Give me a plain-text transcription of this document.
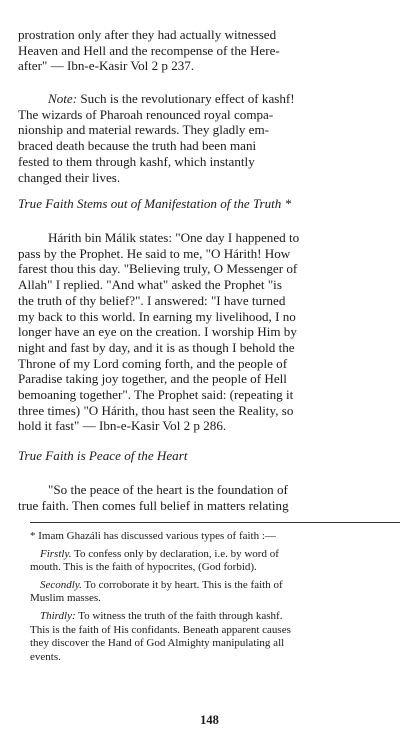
prostration only after they had actually witnessed
Heaven and Hell and the recompense of the Here-
after" — Ibn-e-Kasir Vol 2 p 237.
Note: Such is the revolutionary effect of kashf!
The wizards of Pharoah renounced royal compa-
nionship and material rewards. They gladly em-
braced death because the truth had been mani
fested to them through kashf, which instantly
changed their lives.

True Faith Stems out of Manifestation of the Truth *

Hárith bin Málik states: "One day I happened to
pass by the Prophet. He said to me, "O Hárith! How
farest thou this day. "Believing truly, O Messenger of
Allah" I replied. "And what" asked the Prophet "is
the truth of thy belief?". I answered: "I have turned
my back to this world. In earning my livelihood, I no
longer have an eye on the creation. I worship Him by
night and fast by day, and it is as though I behold the
Throne of my Lord coming forth, and the people of
Paradise taking joy together, and the people of Hell
bemoaning together". The Prophet said: (repeating it
three times) "O Hárith, thou hast seen the Reality, so
hold it fast" — Ibn-e-Kasir Vol 2 p 286.

True Faith is Peace of the Heart

"So the peace of the heart is the foundation of
true faith. Then comes full belief in matters relating
* Imam Ghazáli has discussed various types of faith :—
Firstly. To confess only by declaration, i.e. by word of
mouth. This is the faith of hypocrites, (God forbid).
Secondly. To corroborate it by heart. This is the faith of
Muslim masses.
Thirdly: To witness the truth of the faith through kashf.
This is the faith of His confidants. Beneath apparent causes
they discover the Hand of God Almighty manipulating all
events.

148
